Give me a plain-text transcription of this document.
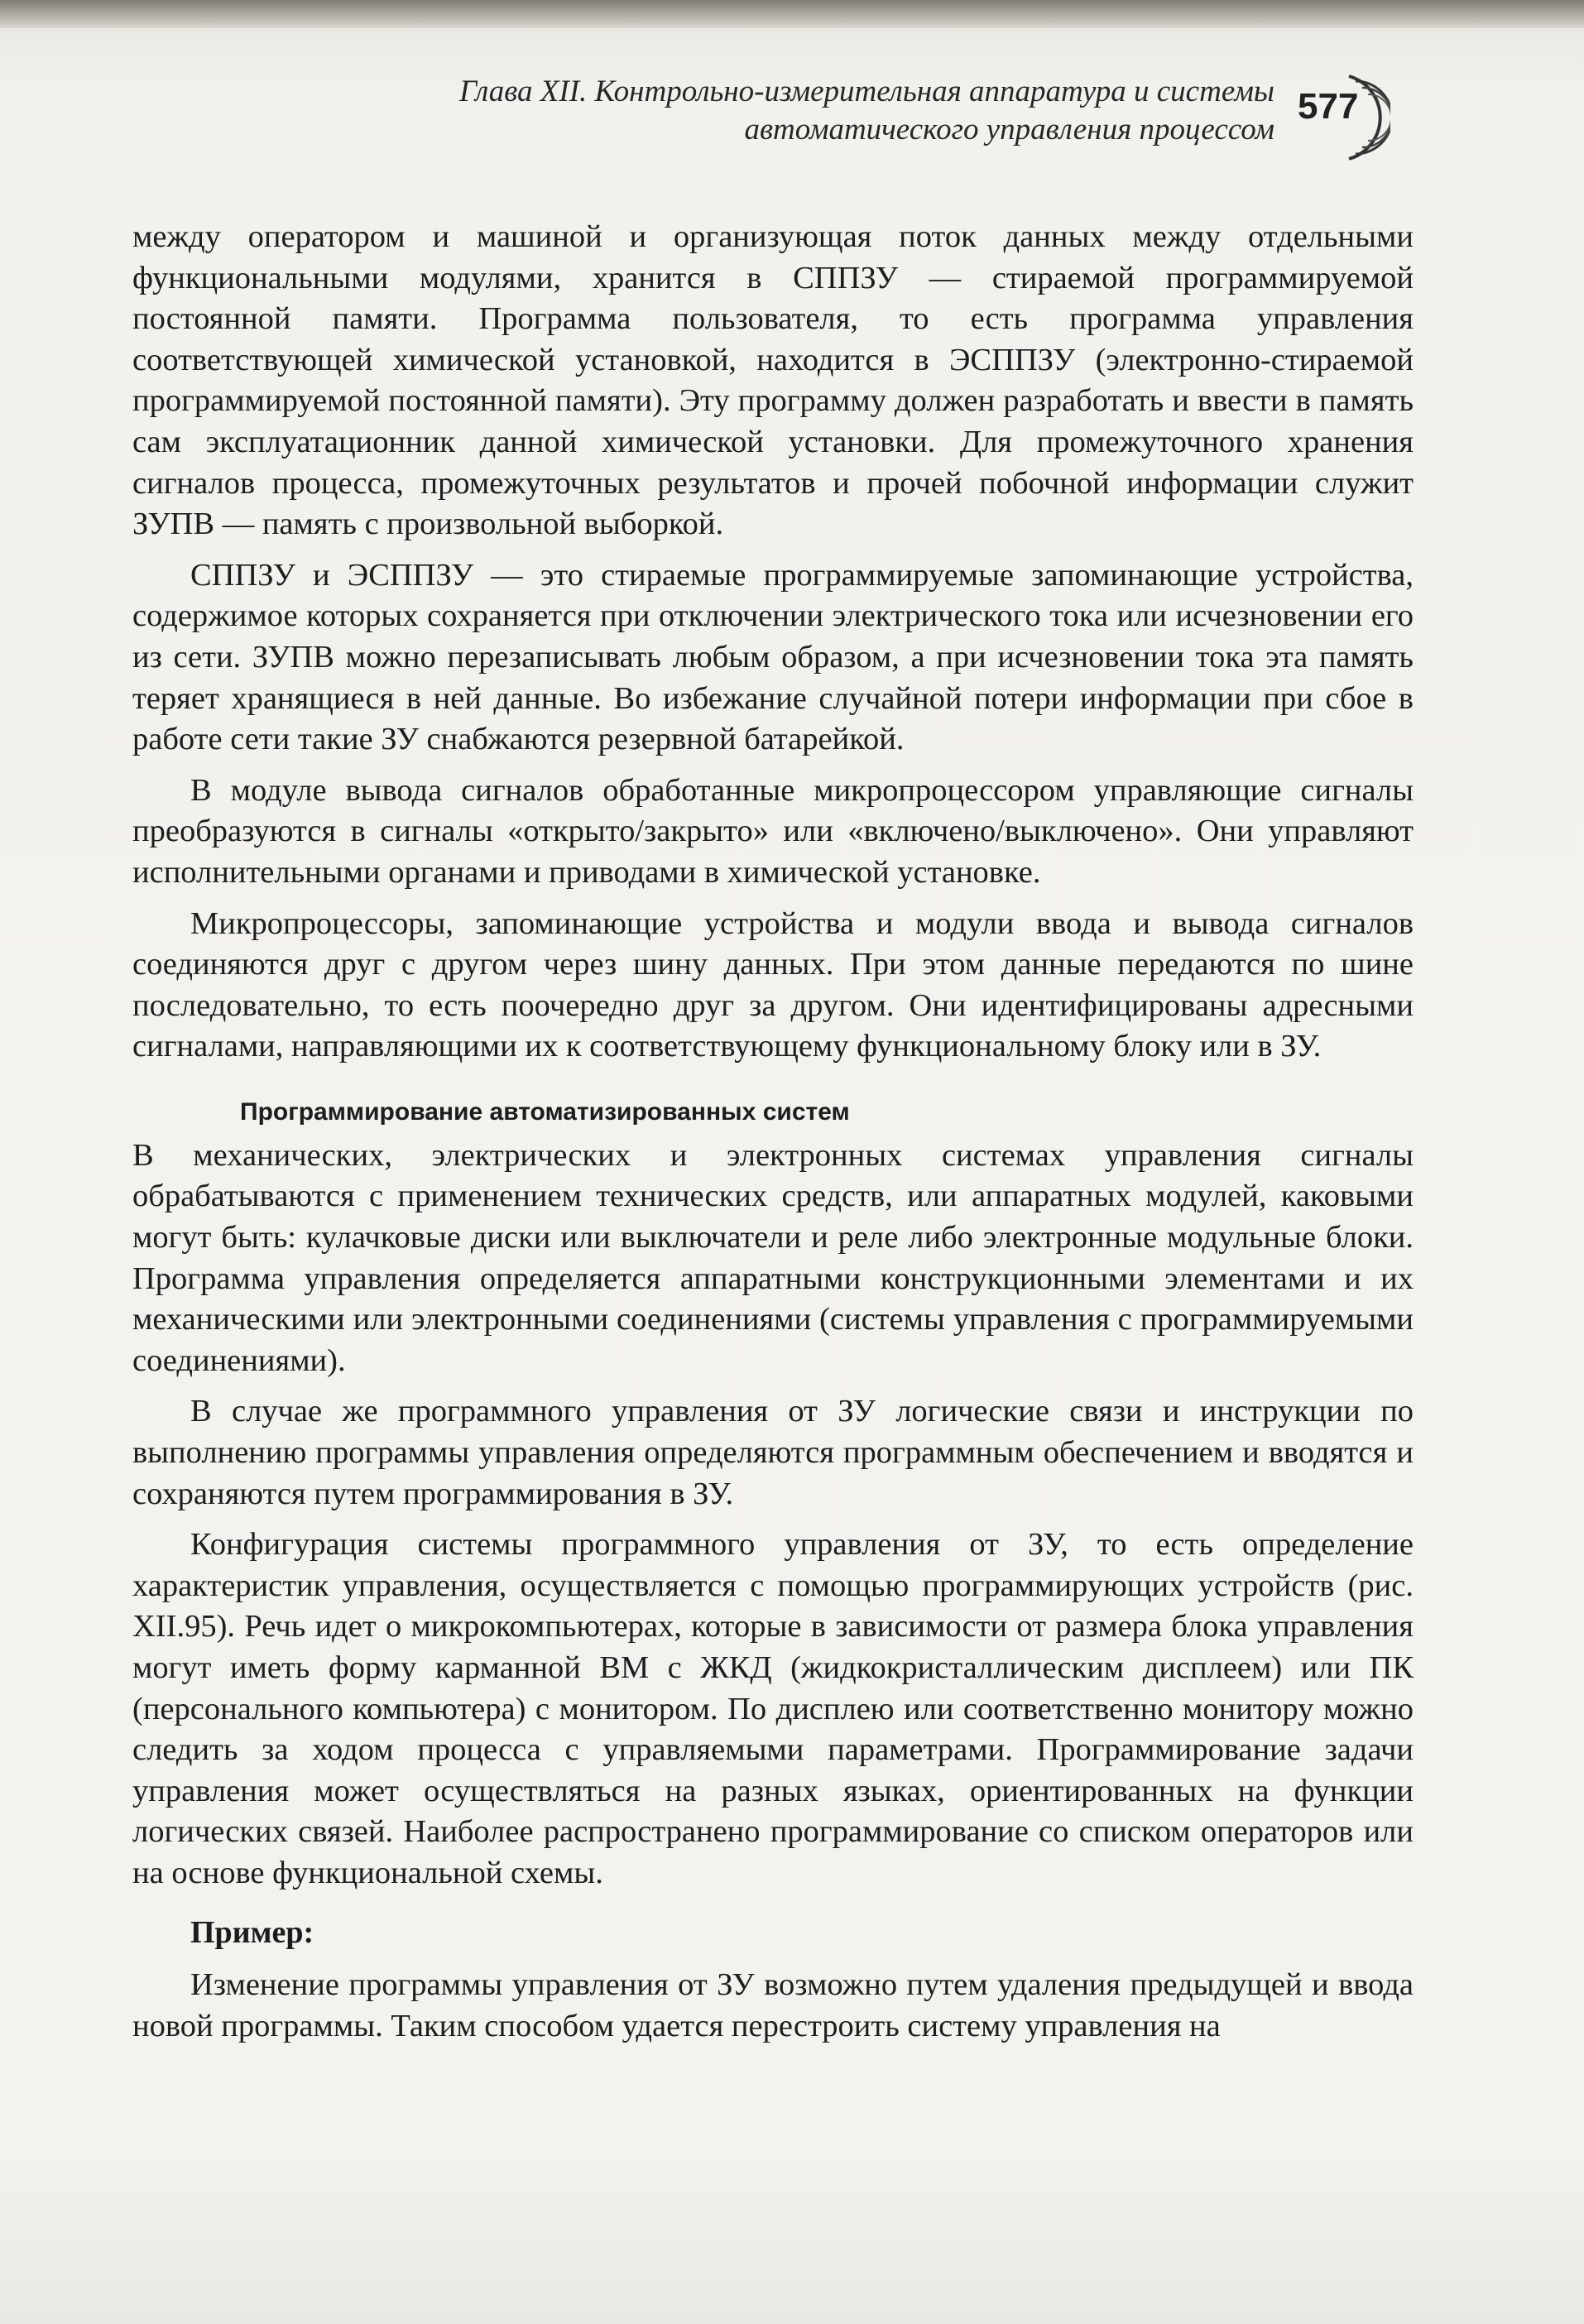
Глава XII. Контрольно-измерительная аппаратура и системы
автоматического управления процессом
577

между оператором и машиной и организующая поток данных между отдельными функциональными модулями, хранится в СППЗУ — стираемой программируемой постоянной памяти. Программа пользователя, то есть программа управления соответствующей химической установкой, находится в ЭСППЗУ (электронно-стираемой программируемой постоянной памяти). Эту программу должен разработать и ввести в память сам эксплуатационник данной химической установки. Для промежуточного хранения сигналов процесса, промежуточных результатов и прочей побочной информации служит ЗУПВ — память с произвольной выборкой.

СППЗУ и ЭСППЗУ — это стираемые программируемые запоминающие устройства, содержимое которых сохраняется при отключении электрического тока или исчезновении его из сети. ЗУПВ можно перезаписывать любым образом, а при исчезновении тока эта память теряет хранящиеся в ней данные. Во избежание случайной потери информации при сбое в работе сети такие ЗУ снабжаются резервной батарейкой.

В модуле вывода сигналов обработанные микропроцессором управляющие сигналы преобразуются в сигналы «открыто/закрыто» или «включено/выключено». Они управляют исполнительными органами и приводами в химической установке.

Микропроцессоры, запоминающие устройства и модули ввода и вывода сигналов соединяются друг с другом через шину данных. При этом данные передаются по шине последовательно, то есть поочередно друг за другом. Они идентифицированы адресными сигналами, направляющими их к соответствующему функциональному блоку или в ЗУ.

Программирование автоматизированных систем

В механических, электрических и электронных системах управления сигналы обрабатываются с применением технических средств, или аппаратных модулей, каковыми могут быть: кулачковые диски или выключатели и реле либо электронные модульные блоки. Программа управления определяется аппаратными конструкционными элементами и их механическими или электронными соединениями (системы управления с программируемыми соединениями).

В случае же программного управления от ЗУ логические связи и инструкции по выполнению программы управления определяются программным обеспечением и вводятся и сохраняются путем программирования в ЗУ.

Конфигурация системы программного управления от ЗУ, то есть определение характеристик управления, осуществляется с помощью программирующих устройств (рис. XII.95). Речь идет о микрокомпьютерах, которые в зависимости от размера блока управления могут иметь форму карманной ВМ с ЖКД (жидкокристаллическим дисплеем) или ПК (персонального компьютера) с монитором. По дисплею или соответственно монитору можно следить за ходом процесса с управляемыми параметрами. Программирование задачи управления может осуществляться на разных языках, ориентированных на функции логических связей. Наиболее распространено программирование со списком операторов или на основе функциональной схемы.

Пример:

Изменение программы управления от ЗУ возможно путем удаления предыдущей и ввода новой программы. Таким способом удается перестроить систему управления на
